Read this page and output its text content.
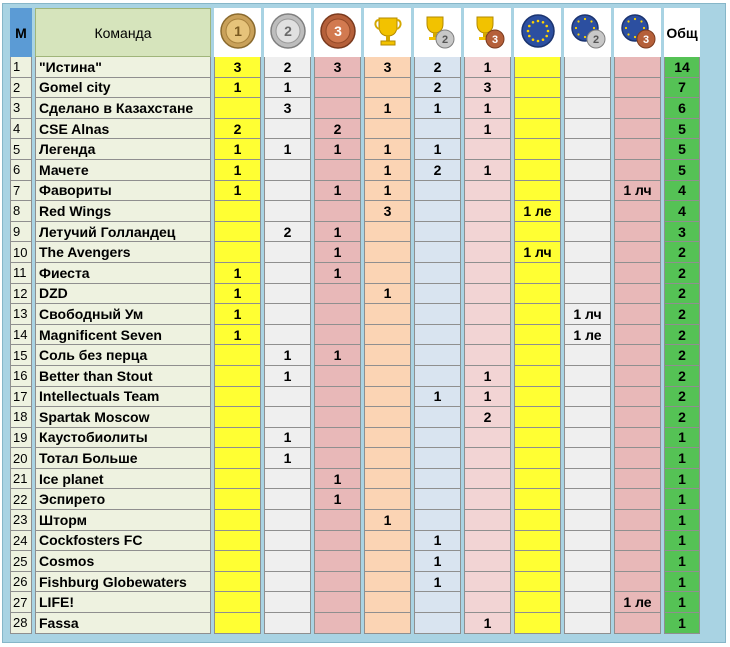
М	Команда	1	2	3		2	3		2	3	Общ
1	"Истина"	3	2	3	3	2	1				14
2	Gomel city	1	1			2	3				7
3	Сделано в Казахстане		3		1	1	1				6
4	CSE Alnas	2		2			1				5
5	Легенда	1	1	1	1	1					5
6	Мачете	1			1	2	1				5
7	Фавориты	1		1	1					1 лч	4
8	Red Wings				3			1 ле			4
9	Летучий Голландец		2	1							3
10	The Avengers			1				1 лч			2
11	Фиеста	1		1							2
12	DZD	1			1						2
13	Свободный Ум	1							1 лч		2
14	Magnificent Seven	1							1 ле		2
15	Соль без перца		1	1							2
16	Better than Stout		1				1				2
17	Intellectuals Team					1	1				2
18	Spartak Moscow						2				2
19	Каустобиолиты		1								1
20	Тотал Больше		1								1
21	Ice planet			1							1
22	Эспирето			1							1
23	Шторм				1						1
24	Cockfosters FC					1					1
25	Cosmos					1					1
26	Fishburg Globewaters					1					1
27	LIFE!									1 ле	1
28	Fassa						1				1
